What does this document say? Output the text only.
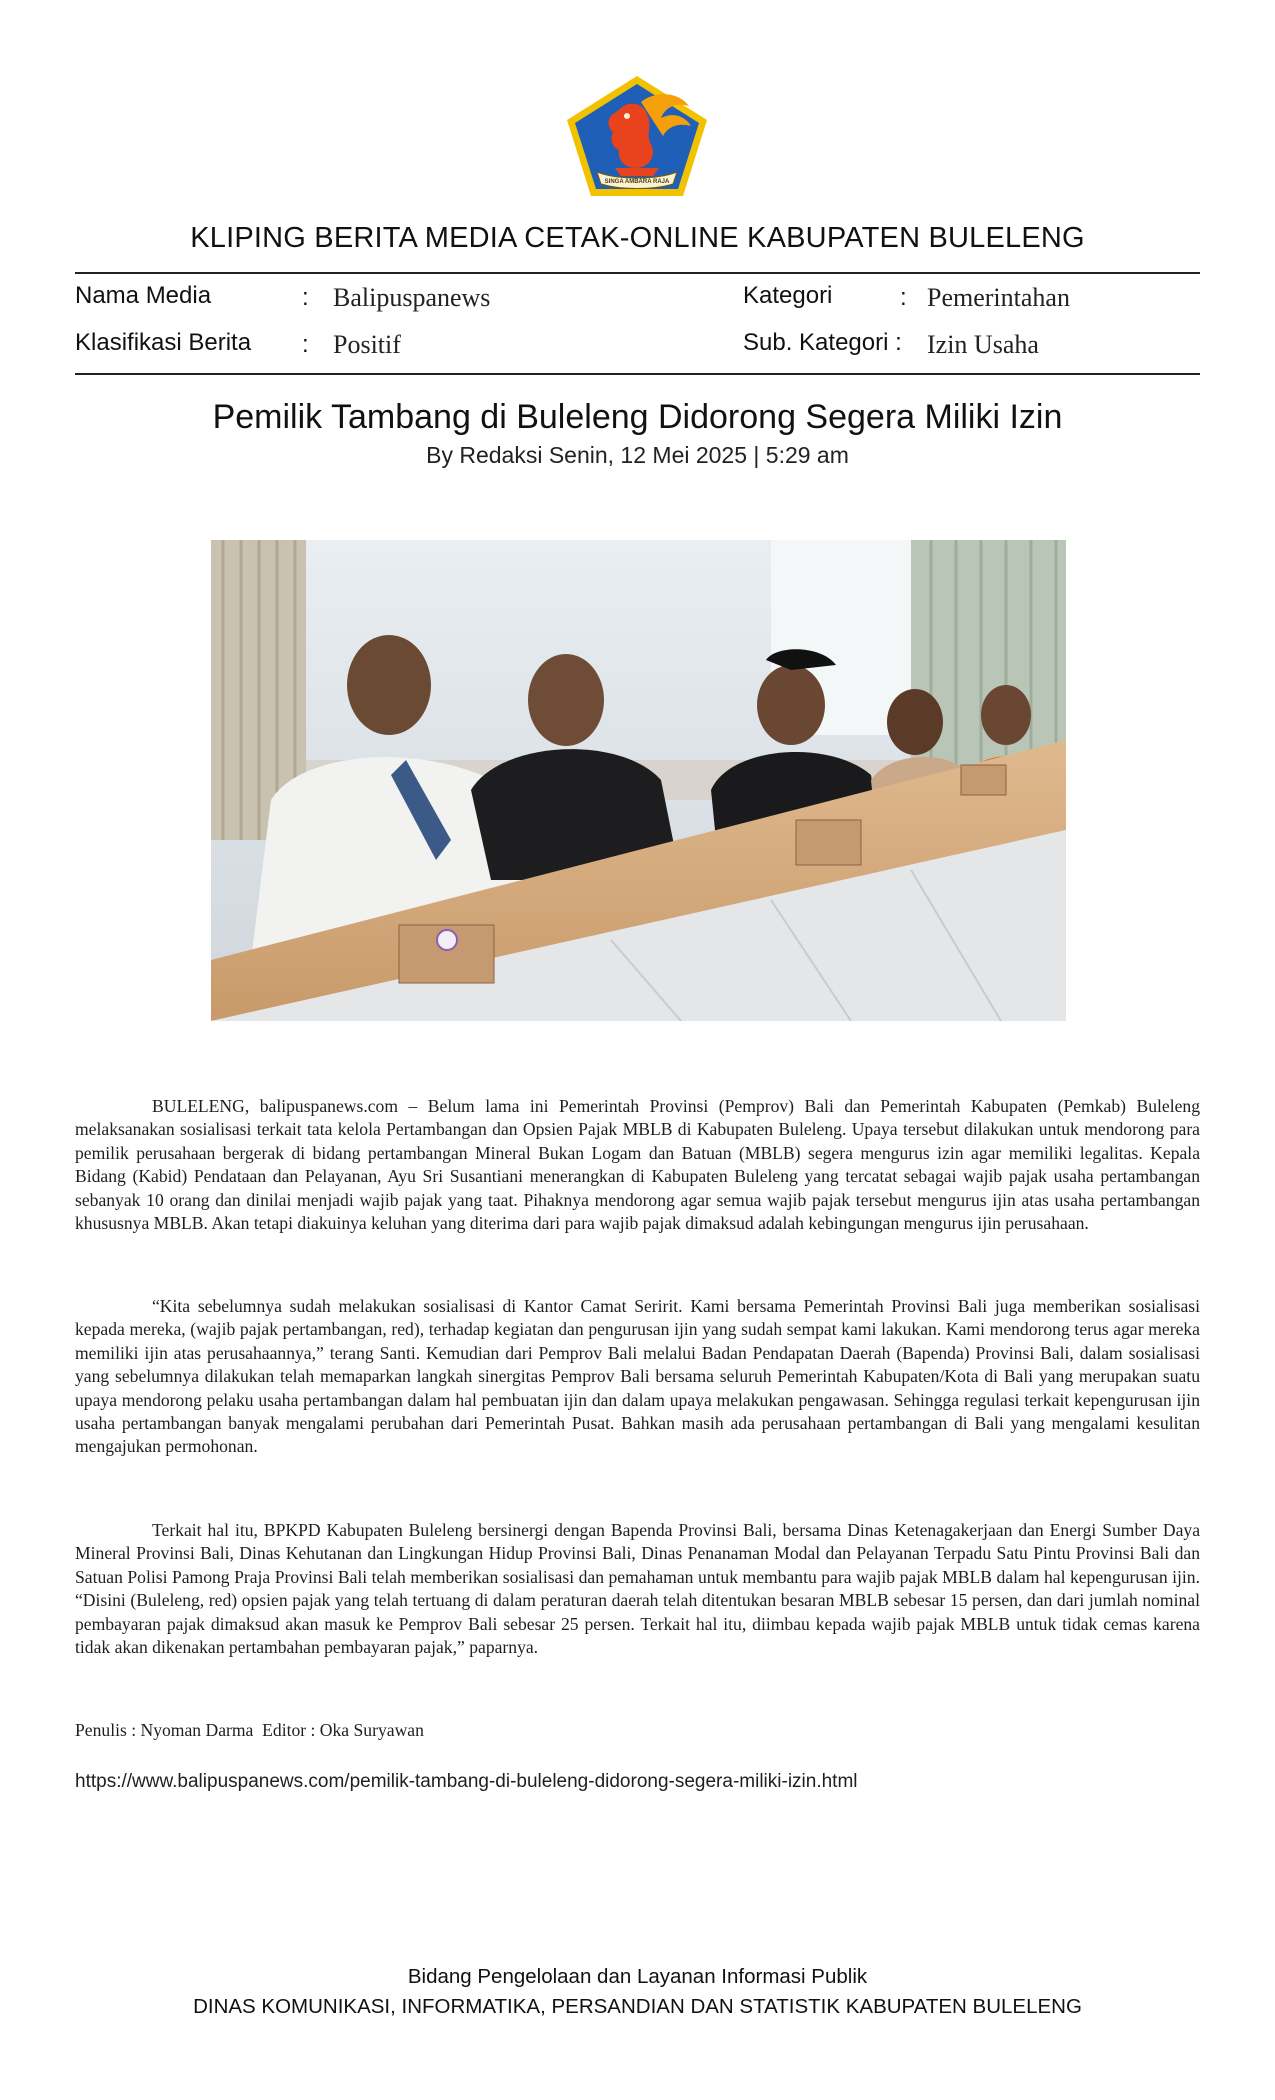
SINGA AMBARA RAJA
KLIPING BERITA MEDIA CETAK-ONLINE KABUPATEN BULELENG
Nama Media	: Balipuspanews	Kategori	: Pemerintahan
Klasifikasi Berita : Positif	Sub. Kategori : Izin Usaha
Pemilik Tambang di Buleleng Didorong Segera Miliki Izin
By Redaksi Senin, 12 Mei 2025 | 5:29 am

BULELENG, balipuspanews.com – Belum lama ini Pemerintah Provinsi (Pemprov) Bali dan Pemerintah Kabupaten (Pemkab) Buleleng melaksanakan sosialisasi terkait tata kelola Pertambangan dan Opsien Pajak MBLB di Kabupaten Buleleng. Upaya tersebut dilakukan untuk mendorong para pemilik perusahaan bergerak di bidang pertambangan Mineral Bukan Logam dan Batuan (MBLB) segera mengurus izin agar memiliki legalitas. Kepala Bidang (Kabid) Pendataan dan Pelayanan, Ayu Sri Susantiani menerangkan di Kabupaten Buleleng yang tercatat sebagai wajib pajak usaha pertambangan sebanyak 10 orang dan dinilai menjadi wajib pajak yang taat. Pihaknya mendorong agar semua wajib pajak tersebut mengurus ijin atas usaha pertambangan khususnya MBLB. Akan tetapi diakuinya keluhan yang diterima dari para wajib pajak dimaksud adalah kebingungan mengurus ijin perusahaan.

“Kita sebelumnya sudah melakukan sosialisasi di Kantor Camat Seririt. Kami bersama Pemerintah Provinsi Bali juga memberikan sosialisasi kepada mereka, (wajib pajak pertambangan, red), terhadap kegiatan dan pengurusan ijin yang sudah sempat kami lakukan. Kami mendorong terus agar mereka memiliki ijin atas perusahaannya,” terang Santi. Kemudian dari Pemprov Bali melalui Badan Pendapatan Daerah (Bapenda) Provinsi Bali, dalam sosialisasi yang sebelumnya dilakukan telah memaparkan langkah sinergitas Pemprov Bali bersama seluruh Pemerintah Kabupaten/Kota di Bali yang merupakan suatu upaya mendorong pelaku usaha pertambangan dalam hal pembuatan ijin dan dalam upaya melakukan pengawasan. Sehingga regulasi terkait kepengurusan ijin usaha pertambangan banyak mengalami perubahan dari Pemerintah Pusat. Bahkan masih ada perusahaan pertambangan di Bali yang mengalami kesulitan mengajukan permohonan.

Terkait hal itu, BPKPD Kabupaten Buleleng bersinergi dengan Bapenda Provinsi Bali, bersama Dinas Ketenagakerjaan dan Energi Sumber Daya Mineral Provinsi Bali, Dinas Kehutanan dan Lingkungan Hidup Provinsi Bali, Dinas Penanaman Modal dan Pelayanan Terpadu Satu Pintu Provinsi Bali dan Satuan Polisi Pamong Praja Provinsi Bali telah memberikan sosialisasi dan pemahaman untuk membantu para wajib pajak MBLB dalam hal kepengurusan ijin. “Disini (Buleleng, red) opsien pajak yang telah tertuang di dalam peraturan daerah telah ditentukan besaran MBLB sebesar 15 persen, dan dari jumlah nominal pembayaran pajak dimaksud akan masuk ke Pemprov Bali sebesar 25 persen. Terkait hal itu, diimbau kepada wajib pajak MBLB untuk tidak cemas karena tidak akan dikenakan pertambahan pembayaran pajak,” paparnya.

Penulis : Nyoman Darma  Editor : Oka Suryawan
https://www.balipuspanews.com/pemilik-tambang-di-buleleng-didorong-segera-miliki-izin.html
Bidang Pengelolaan dan Layanan Informasi Publik
DINAS KOMUNIKASI, INFORMATIKA, PERSANDIAN DAN STATISTIK KABUPATEN BULELENG
